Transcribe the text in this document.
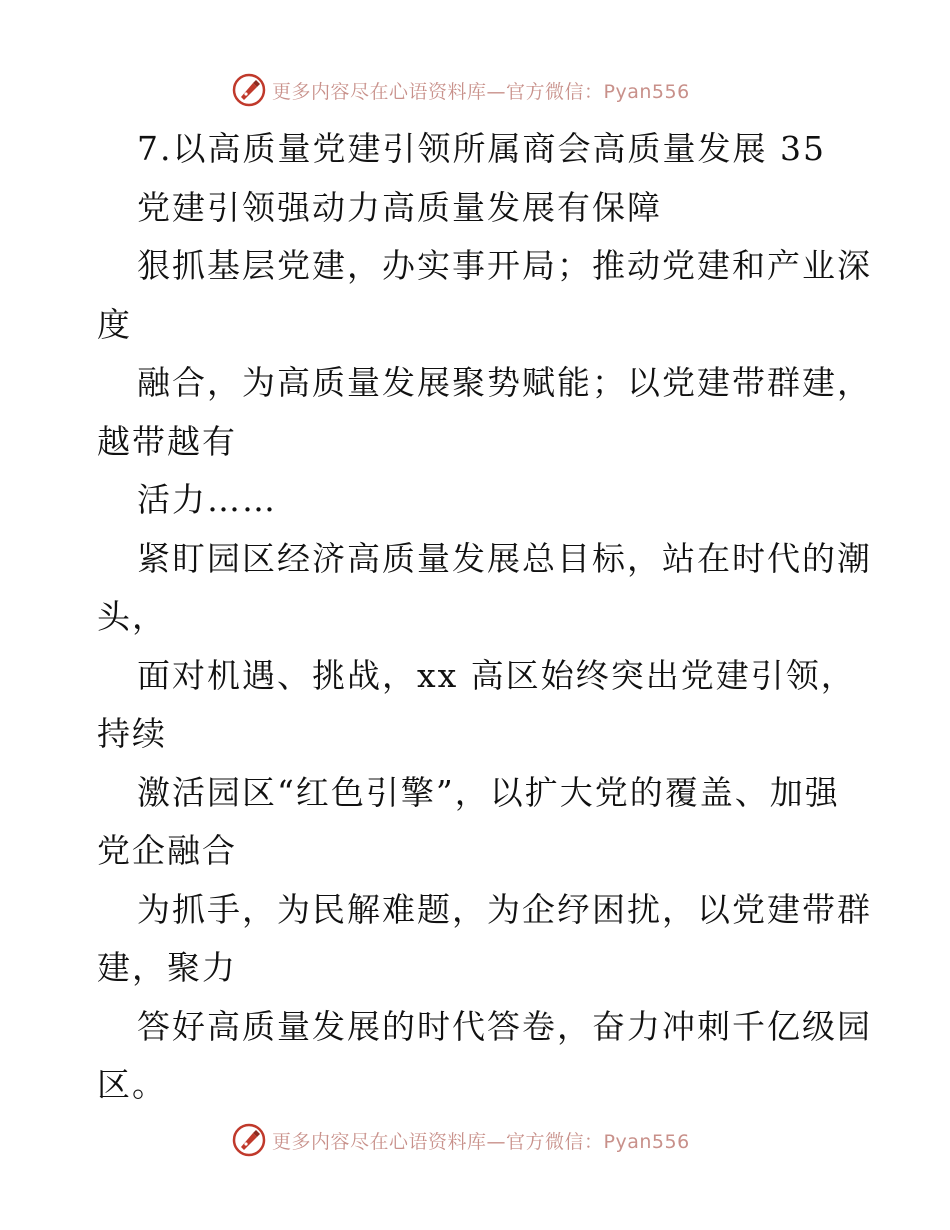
更多内容尽在心语资料库—官方微信：Pyan556
7.以高质量党建引领所属商会高质量发展 35
党建引领强动力高质量发展有保障
狠抓基层党建，办实事开局；推动党建和产业深
度
融合，为高质量发展聚势赋能；以党建带群建，
越带越有
活力……
紧盯园区经济高质量发展总目标，站在时代的潮
头，
面对机遇、挑战，xx 高区始终突出党建引领，
持续
激活园区“红色引擎”，以扩大党的覆盖、加强
党企融合
为抓手，为民解难题，为企纾困扰，以党建带群
建，聚力
答好高质量发展的时代答卷，奋力冲刺千亿级园
区。
更多内容尽在心语资料库—官方微信：Pyan556
